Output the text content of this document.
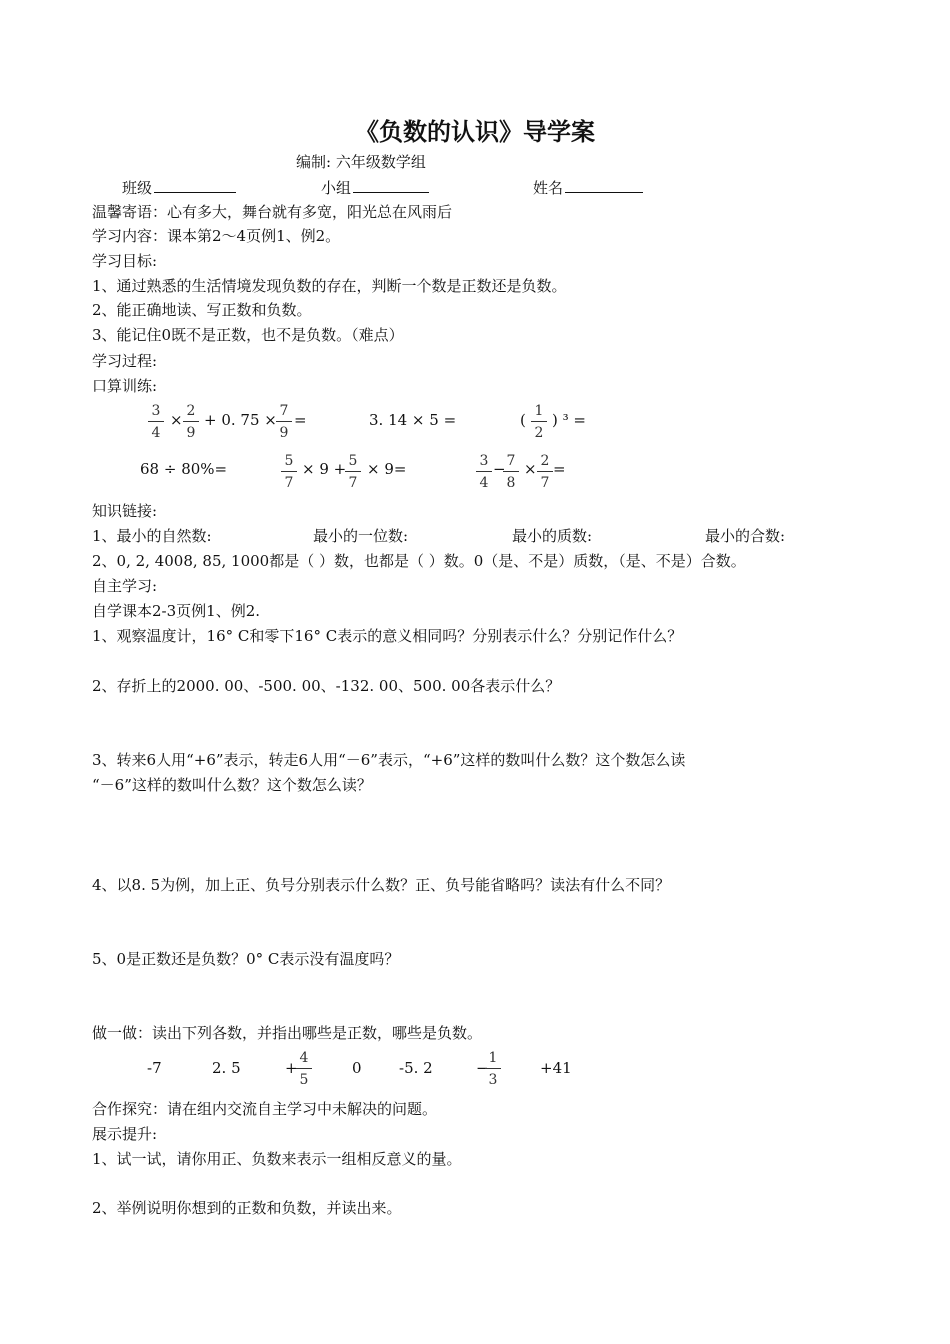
《负数的认识》导学案
编制: 六年级数学组
班级	小组	姓名
温馨寄语：心有多大，舞台就有多宽，阳光总在风雨后
学习内容：课本第2～4页例1、例2。
学习目标:
1、通过熟悉的生活情境发现负数的存在，判断一个数是正数还是负数。
2、能正确地读、写正数和负数。
3、能记住0既不是正数，也不是负数。（难点）
学习过程:
口算训练:
3
4
× 2
9
+ 0. 75 × 7
9
=	3. 14 × 5 =	( 1
2
) ³ =
68 ÷ 80%=	5
7
× 9 + 5
7
× 9=	3
4
− 7
8
× 2
7
=
知识链接:
1、最小的自然数:	最小的一位数:	最小的质数:	最小的合数:
2、0, 2, 4008, 85, 1000都是（ ）数，也都是（ ）数。0（是、不是）质数，（是、不是）合数。
自主学习:
自学课本2-3页例1、例2.
1、观察温度计，16° C和零下16° C表示的意义相同吗？分别表示什么？分别记作什么？
2、存折上的2000. 00、-500. 00、-132. 00、500. 00各表示什么？
3、转来6人用“+6”表示，转走6人用“－6”表示，“+6”这样的数叫什么数？这个数怎么读
“－6”这样的数叫什么数？这个数怎么读？
4、以8. 5为例，加上正、负号分别表示什么数？正、负号能省略吗？读法有什么不同？
5、0是正数还是负数？0° C表示没有温度吗？
做一做：读出下列各数，并指出哪些是正数，哪些是负数。
-7	2. 5	+
4
5
0 -5. 2	−
1
3
+41
合作探究：请在组内交流自主学习中未解决的问题。
展示提升:
1、试一试，请你用正、负数来表示一组相反意义的量。
2、举例说明你想到的正数和负数，并读出来。
